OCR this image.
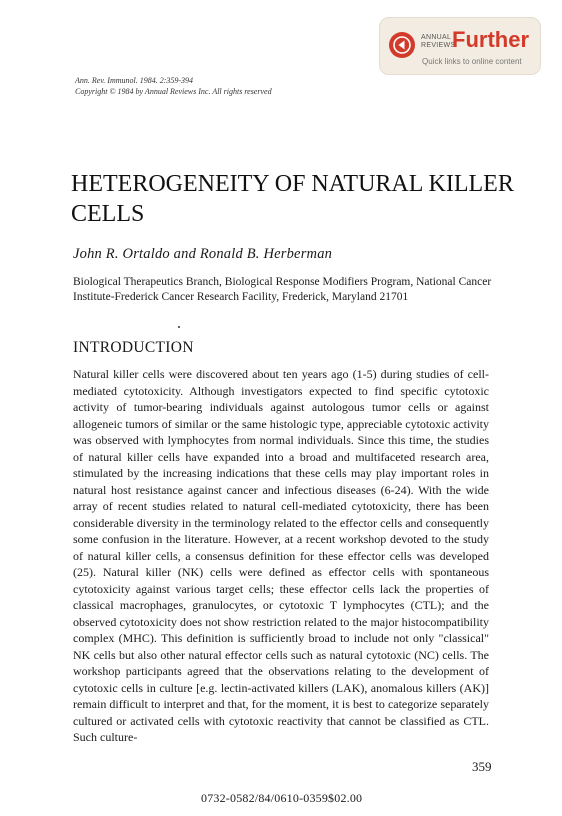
ANNUAL
REVIEWS
Further
Quick links to online content
Ann. Rev. Immunol. 1984. 2:359-394
Copyright © 1984 by Annual Reviews Inc. All rights reserved
HETEROGENEITY OF NATURAL KILLER CELLS
John R. Ortaldo and Ronald B. Herberman
Biological Therapeutics Branch, Biological Response Modifiers Program, National Cancer Institute-Frederick Cancer Research Facility, Frederick, Maryland 21701
INTRODUCTION

Natural killer cells were discovered about ten years ago (1-5) during studies of cell-mediated cytotoxicity. Although investigators expected to find specific cytotoxic activity of tumor-bearing individuals against autologous tumor cells or against allogeneic tumors of similar or the same histologic type, appreciable cytotoxic activity was observed with lymphocytes from normal individuals. Since this time, the studies of natural killer cells have expanded into a broad and multifaceted research area, stimulated by the increasing indications that these cells may play important roles in natural host resistance against cancer and infectious diseases (6-24). With the wide array of recent studies related to natural cell-mediated cytotoxicity, there has been considerable diversity in the terminology related to the effector cells and consequently some confusion in the literature. However, at a recent workshop devoted to the study of natural killer cells, a consensus definition for these effector cells was developed (25). Natural killer (NK) cells were defined as effector cells with spontaneous cytotoxicity against various target cells; these effector cells lack the properties of classical macrophages, granulocytes, or cytotoxic T lymphocytes (CTL); and the observed cytotoxicity does not show restriction related to the major histocompatibility complex (MHC). This definition is sufficiently broad to include not only "classical" NK cells but also other natural effector cells such as natural cytotoxic (NC) cells. The workshop participants agreed that the observations relating to the development of cytotoxic cells in culture [e.g. lectin-activated killers (LAK), anomalous killers (AK)] remain difficult to interpret and that, for the moment, it is best to categorize separately cultured or activated cells with cytotoxic reactivity that cannot be classified as CTL. Such culture-

359
0732-0582/84/0610-0359$02.00
